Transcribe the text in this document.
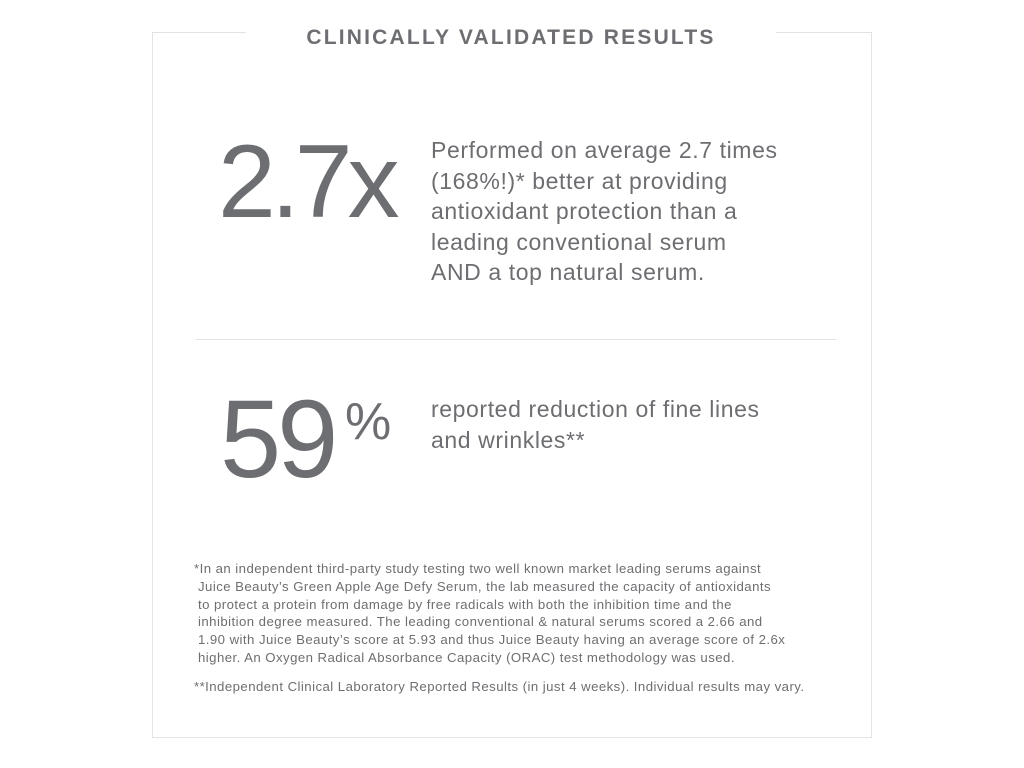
CLINICALLY VALIDATED RESULTS
2.7x Performed on average 2.7 times
(168%!)* better at providing
antioxidant protection than a
leading conventional serum
AND a top natural serum.
59 % reported reduction of fine lines
and wrinkles**
*In an independent third-party study testing two well known market leading serums against
Juice Beauty’s Green Apple Age Defy Serum, the lab measured the capacity of antioxidants
to protect a protein from damage by free radicals with both the inhibition time and the
inhibition degree measured. The leading conventional & natural serums scored a 2.66 and
1.90 with Juice Beauty’s score at 5.93 and thus Juice Beauty having an average score of 2.6x
higher. An Oxygen Radical Absorbance Capacity (ORAC) test methodology was used.
**Independent Clinical Laboratory Reported Results (in just 4 weeks). Individual results may vary.
